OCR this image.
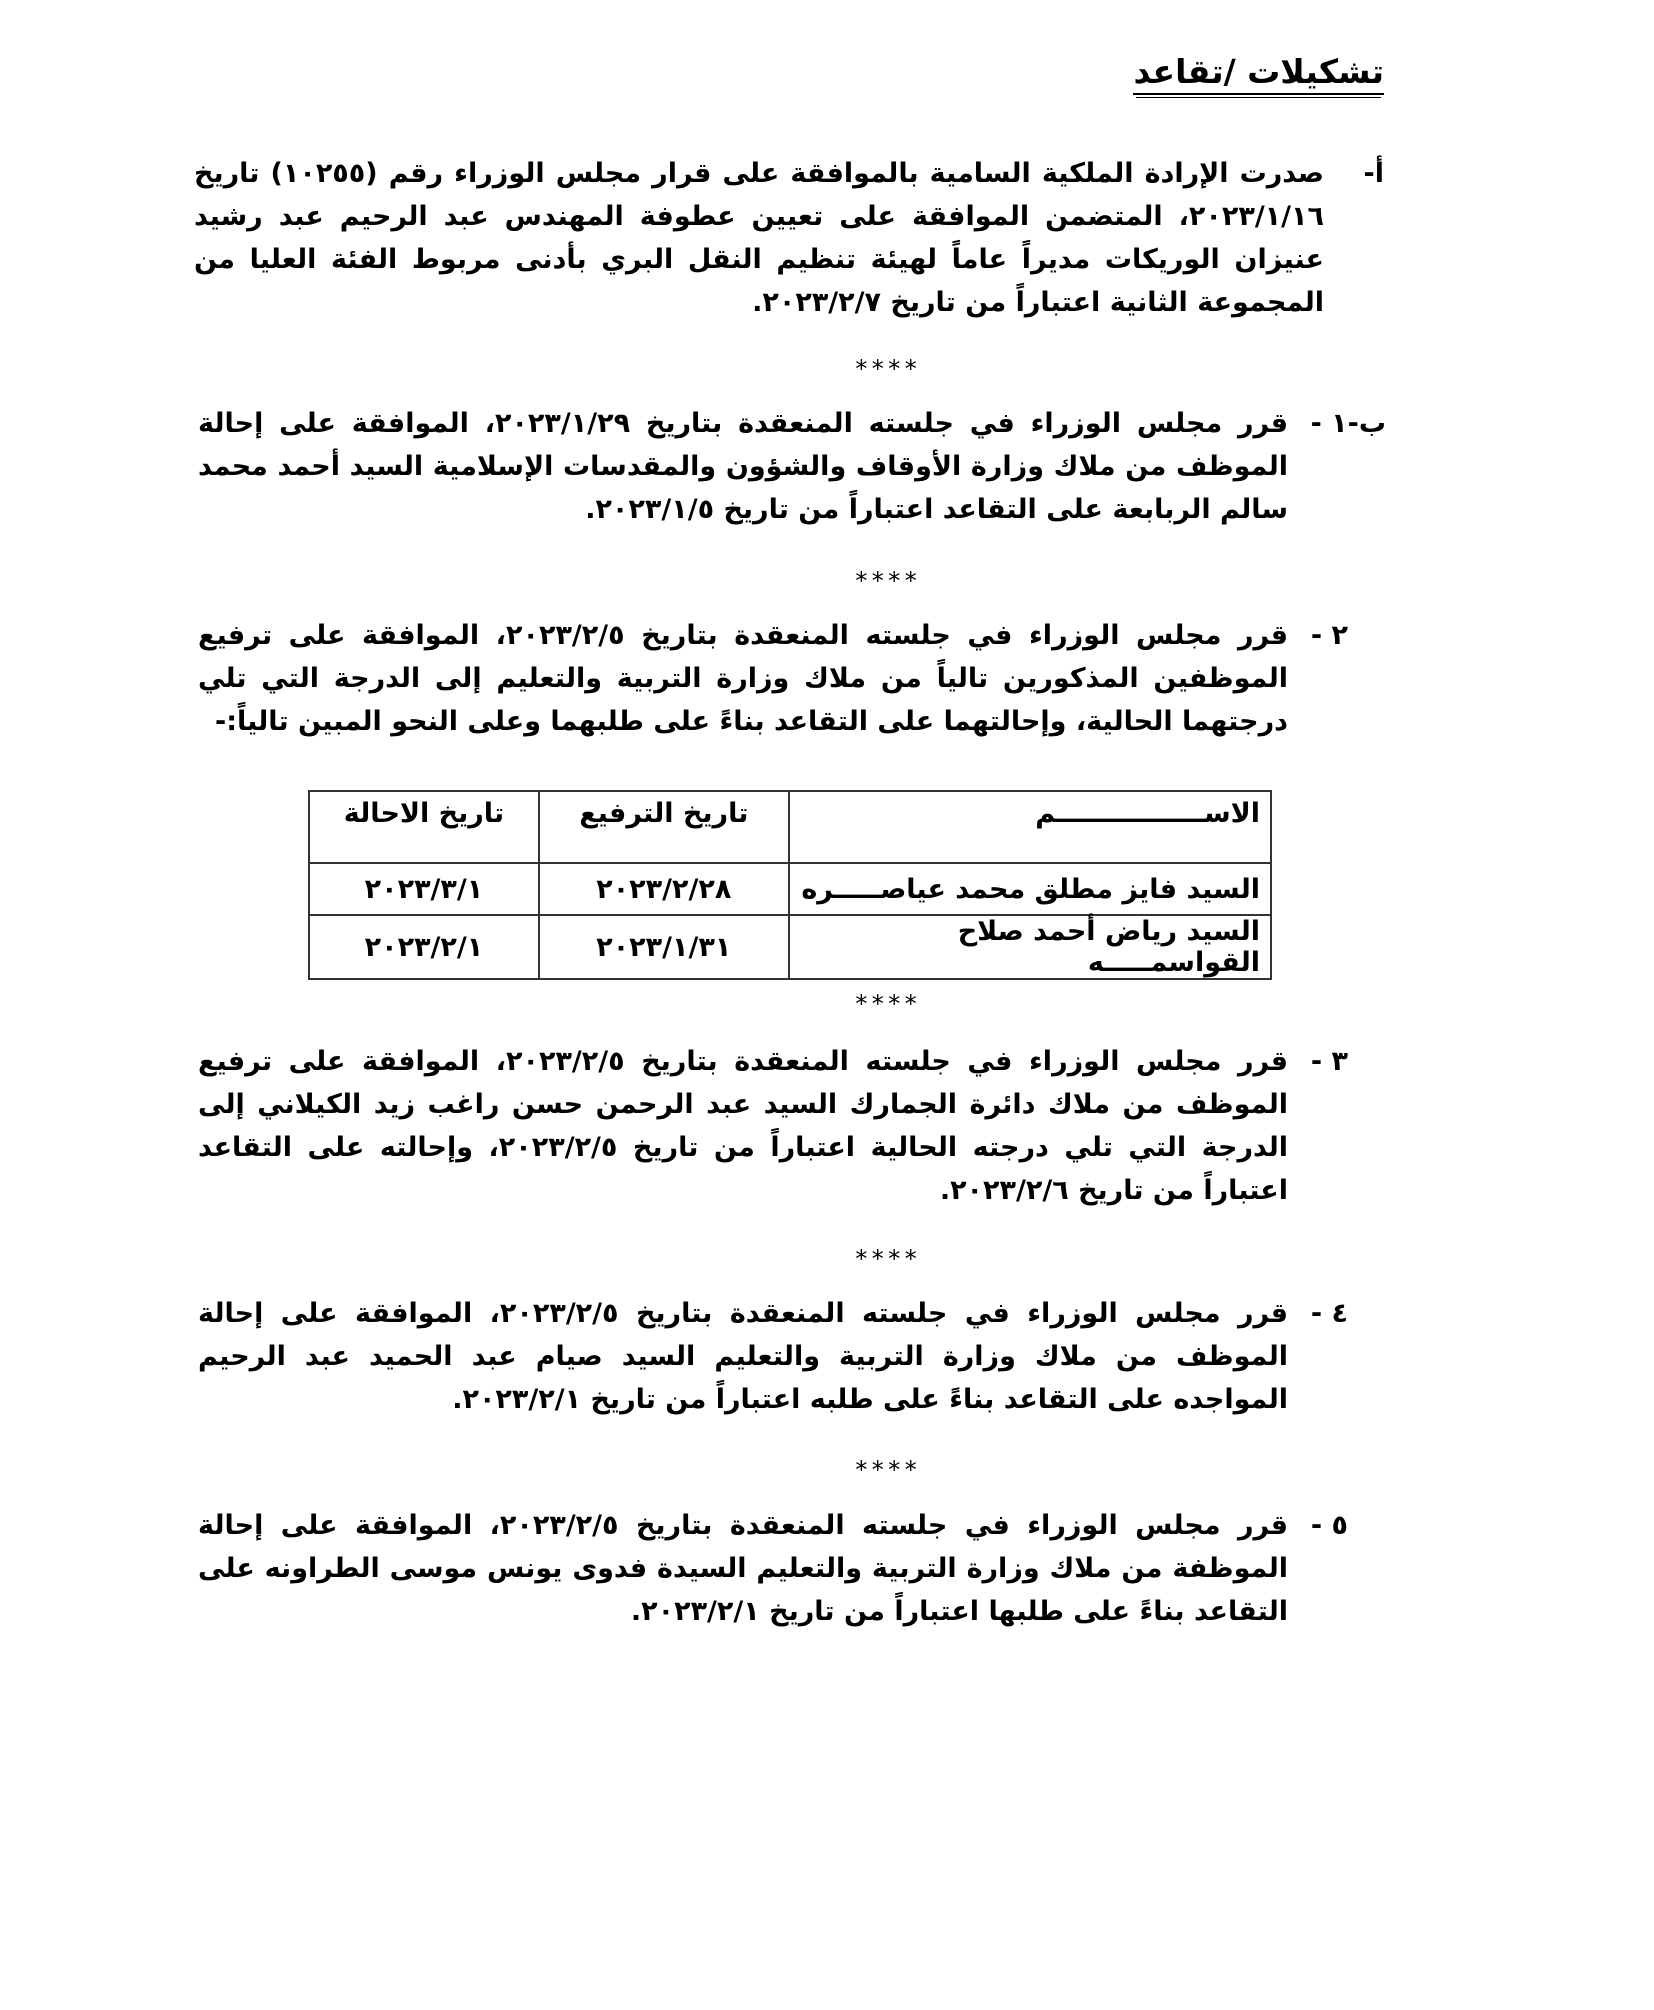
تشكيلات /تقاعد
أ-
صدرت الإرادة الملكية السامية بالموافقة على قرار مجلس الوزراء رقم (١٠٢٥٥) تاريخ ٢٠٢٣/١/١٦، المتضمن الموافقة على تعيين عطوفة المهندس عبد الرحيم عبد رشيد عنيزان الوريكات مديراً عاماً لهيئة تنظيم النقل البري بأدنى مربوط الفئة العليا من المجموعة الثانية اعتباراً من تاريخ ٢٠٢٣/٢/٧.
****
ب-١ -
قرر مجلس الوزراء في جلسته المنعقدة بتاريخ ٢٠٢٣/١/٢٩، الموافقة على إحالة الموظف من ملاك وزارة الأوقاف والشؤون والمقدسات الإسلامية السيد أحمد محمد سالم الربابعة على التقاعد اعتباراً من تاريخ ٢٠٢٣/١/٥.
****
٢ -
قرر مجلس الوزراء في جلسته المنعقدة بتاريخ ٢٠٢٣/٢/٥، الموافقة على ترفيع الموظفين المذكورين تالياً من ملاك وزارة التربية والتعليم إلى الدرجة التي تلي درجتهما الحالية، وإحالتهما على التقاعد بناءً على طلبهما وعلى النحو المبين تالياً:-
الاســــــــــــــــم	تاريخ الترفيع	تاريخ الاحالة
السيد فايز مطلق محمد عياصـــــره	٢٠٢٣/٢/٢٨	٢٠٢٣/٣/١
السيد رياض أحمد صلاح القواسمـــــه	٢٠٢٣/١/٣١	٢٠٢٣/٢/١
****
٣ -
قرر مجلس الوزراء في جلسته المنعقدة بتاريخ ٢٠٢٣/٢/٥، الموافقة على ترفيع الموظف من ملاك دائرة الجمارك السيد عبد الرحمن حسن راغب زيد الكيلاني إلى الدرجة التي تلي درجته الحالية اعتباراً من تاريخ ٢٠٢٣/٢/٥، وإحالته على التقاعد اعتباراً من تاريخ ٢٠٢٣/٢/٦.
****
٤ -
قرر مجلس الوزراء في جلسته المنعقدة بتاريخ ٢٠٢٣/٢/٥، الموافقة على إحالة الموظف من ملاك وزارة التربية والتعليم السيد صيام عبد الحميد عبد الرحيم المواجده على التقاعد بناءً على طلبه اعتباراً من تاريخ ٢٠٢٣/٢/١.
****
٥ -
قرر مجلس الوزراء في جلسته المنعقدة بتاريخ ٢٠٢٣/٢/٥، الموافقة على إحالة الموظفة من ملاك وزارة التربية والتعليم السيدة فدوى يونس موسى الطراونه على التقاعد بناءً على طلبها اعتباراً من تاريخ ٢٠٢٣/٢/١.
